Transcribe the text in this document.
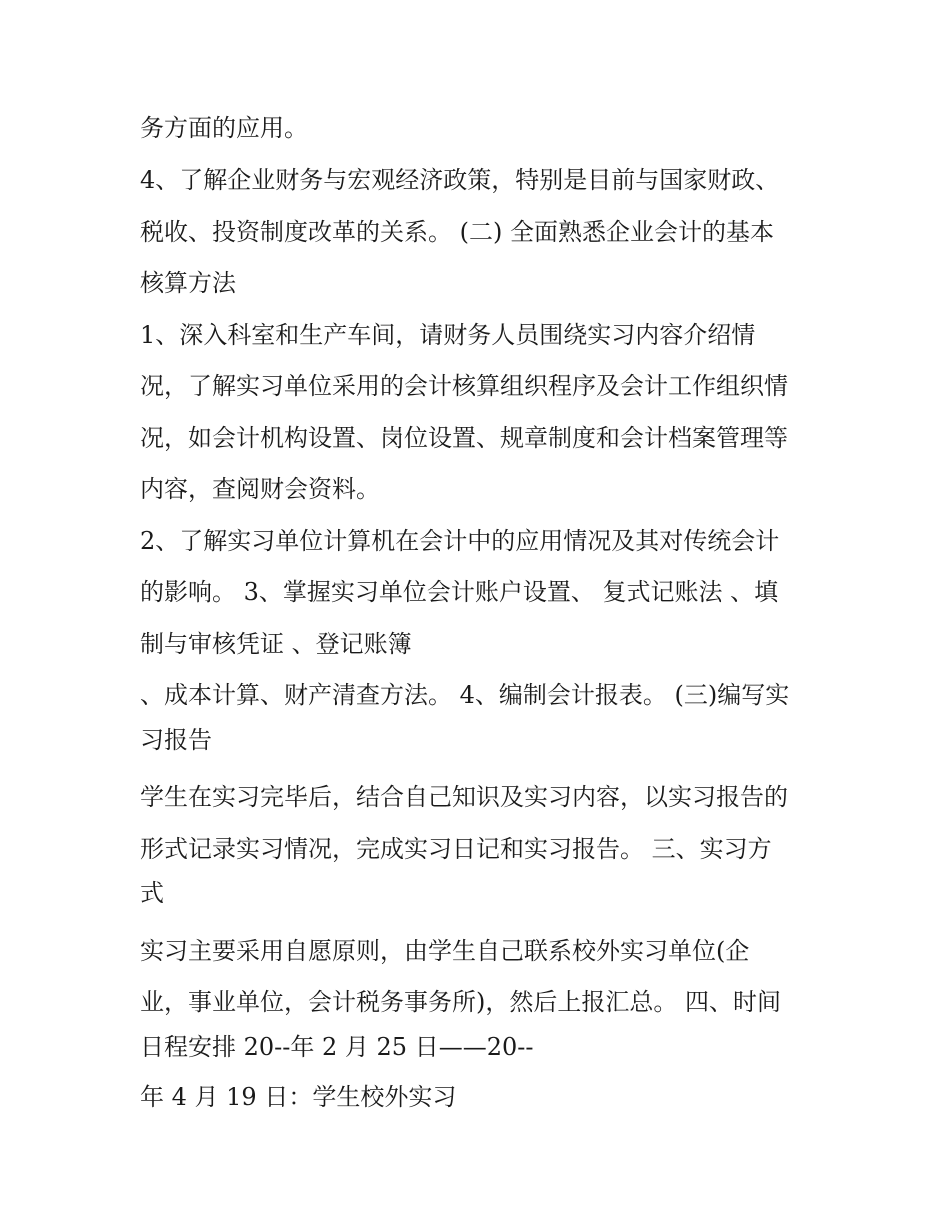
务方面的应用。

4、了解企业财务与宏观经济政策，特别是目前与国家财政、

税收、投资制度改革的关系。 (二) 全面熟悉企业会计的基本

核算方法

1、深入科室和生产车间，请财务人员围绕实习内容介绍情

况，了解实习单位采用的会计核算组织程序及会计工作组织情

况，如会计机构设置、岗位设置、规章制度和会计档案管理等

内容，查阅财会资料。

2、了解实习单位计算机在会计中的应用情况及其对传统会计

的影响。 3、掌握实习单位会计账户设置、 复式记账法 、填

制与审核凭证 、登记账簿

、成本计算、财产清查方法。 4、编制会计报表。 (三)编写实

习报告

学生在实习完毕后，结合自己知识及实习内容，以实习报告的

形式记录实习情况，完成实习日记和实习报告。 三、实习方

式

实习主要采用自愿原则，由学生自己联系校外实习单位(企

业，事业单位，会计税务事务所)，然后上报汇总。 四、时间

日程安排 20--年 2 月 25 日——20--

年 4 月 19 日：学生校外实习
